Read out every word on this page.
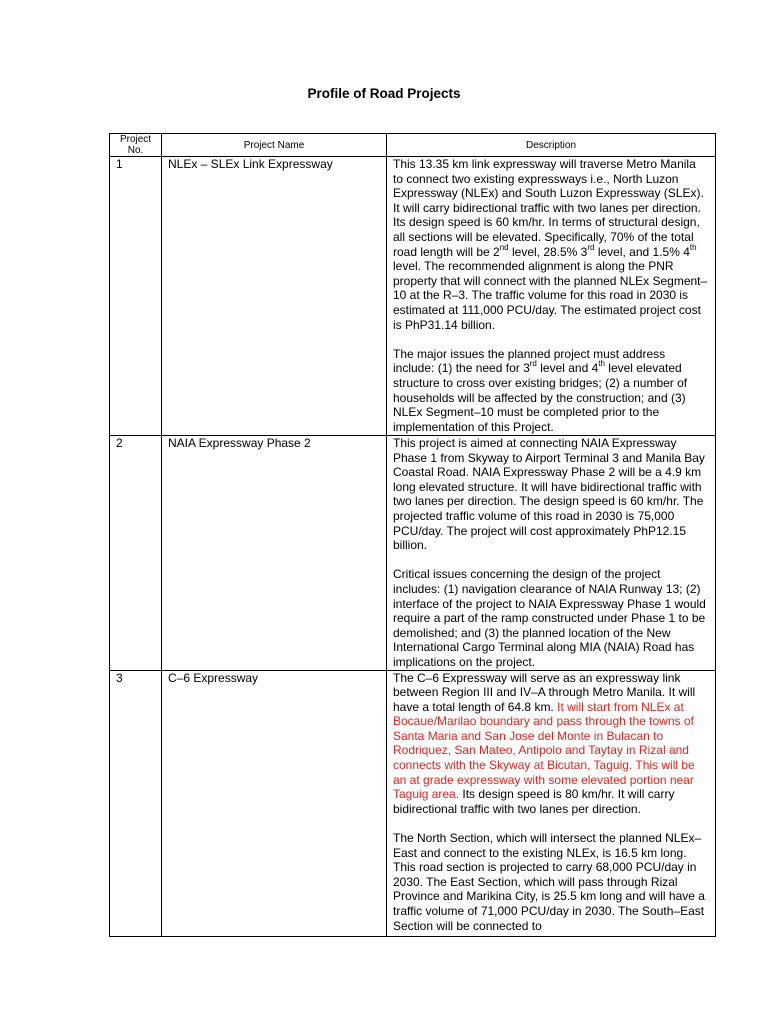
Profile of Road Projects
Project No.	Project Name	Description
1	NLEx – SLEx Link Expressway	This 13.35 km link expressway will traverse Metro Manila to connect two existing expressways i.e., North Luzon Expressway (NLEx) and South Luzon Expressway (SLEx). It will carry bidirectional traffic with two lanes per direction. Its design speed is 60 km/hr. In terms of structural design, all sections will be elevated. Specifically, 70% of the total road length will be 2nd level, 28.5% 3rd level, and 1.5% 4th level. The recommended alignment is along the PNR property that will connect with the planned NLEx Segment–10 at the R–3. The traffic volume for this road in 2030 is estimated at 111,000 PCU/day. The estimated project cost is PhP31.14 billion.

The major issues the planned project must address include: (1) the need for 3rd level and 4th level elevated structure to cross over existing bridges; (2) a number of households will be affected by the construction; and (3) NLEx Segment–10 must be completed prior to the implementation of this Project.

2	NAIA Expressway Phase 2	This project is aimed at connecting NAIA Expressway Phase 1 from Skyway to Airport Terminal 3 and Manila Bay Coastal Road. NAIA Expressway Phase 2 will be a 4.9 km long elevated structure. It will have bidirectional traffic with two lanes per direction. The design speed is 60 km/hr. The projected traffic volume of this road in 2030 is 75,000 PCU/day. The project will cost approximately PhP12.15 billion.

Critical issues concerning the design of the project includes: (1) navigation clearance of NAIA Runway 13; (2) interface of the project to NAIA Expressway Phase 1 would require a part of the ramp constructed under Phase 1 to be demolished; and (3) the planned location of the New International Cargo Terminal along MIA (NAIA) Road has implications on the project.

3	C–6 Expressway	The C–6 Expressway will serve as an expressway link between Region III and IV–A through Metro Manila. It will have a total length of 64.8 km. It will start from NLEx at Bocaue/Marilao boundary and pass through the towns of Santa Maria and San Jose del Monte in Bulacan to Rodriquez, San Mateo, Antipolo and Taytay in Rizal and connects with the Skyway at Bicutan, Taguig. This will be an at grade expressway with some elevated portion near Taguig area. Its design speed is 80 km/hr. It will carry bidirectional traffic with two lanes per direction.

The North Section, which will intersect the planned NLEx–East and connect to the existing NLEx, is 16.5 km long. This road section is projected to carry 68,000 PCU/day in 2030. The East Section, which will pass through Rizal Province and Marikina City, is 25.5 km long and will have a traffic volume of 71,000 PCU/day in 2030. The South–East Section will be connected to
